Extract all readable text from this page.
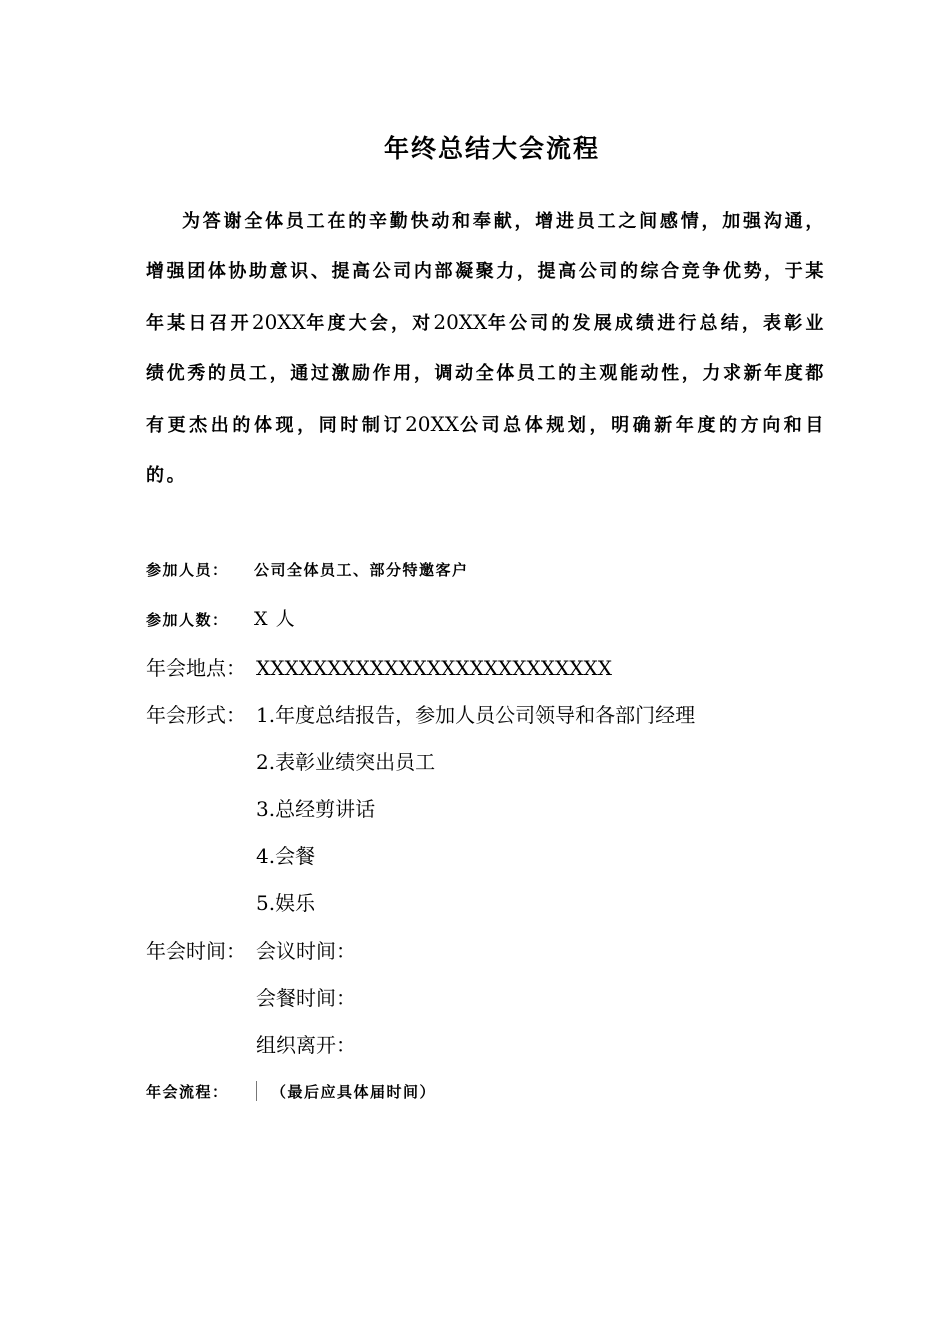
年终总结大会流程

为答谢全体员工在的辛勤快动和奉献，增进员工之间感情，加强沟通，增强团体协助意识、提高公司内部凝聚力，提高公司的综合竞争优势，于某年某日召开20XX年度大会，对20XX年公司的发展成绩进行总结，表彰业绩优秀的员工，通过激励作用，调动全体员工的主观能动性，力求新年度都有更杰出的体现，同时制订20XX公司总体规划，明确新年度的方向和目的。

参加人员： 公司全体员工、部分特邀客户
参加人数： X 人
年会地点： XXXXXXXXXXXXXXXXXXXXXXXXX
年会形式： 1.年度总结报告，参加人员公司领导和各部门经理
2.表彰业绩突出员工
3.总经剪讲话
4.会餐
5.娱乐
年会时间： 会议时间：
会餐时间：
组织离开：
年会流程：	（最后应具体届时间）
